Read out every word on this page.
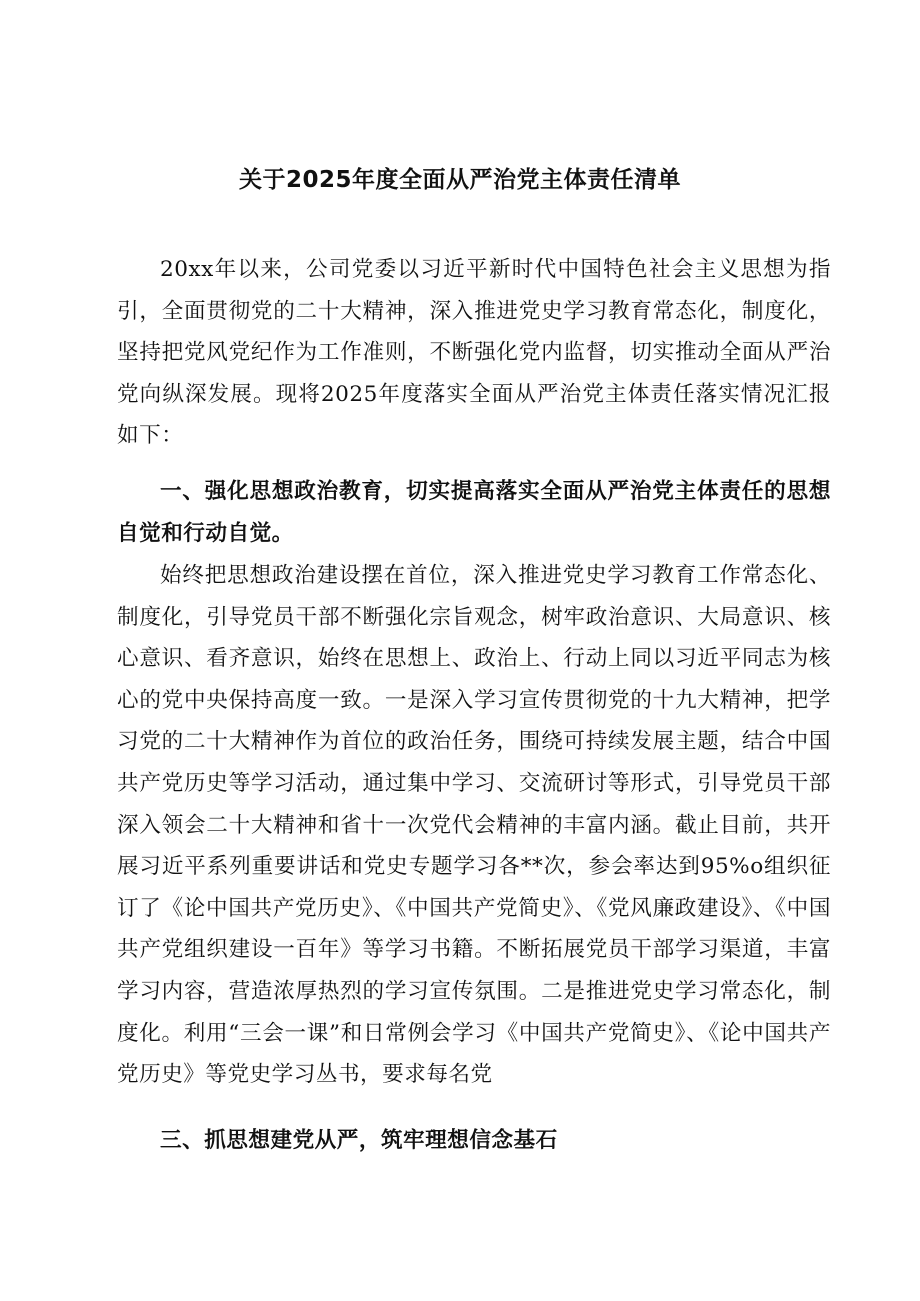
关于2025年度全面从严治党主体责任清单

20xx年以来，公司党委以习近平新时代中国特色社会主义思想为指引，全面贯彻党的二十大精神，深入推进党史学习教育常态化，制度化，坚持把党风党纪作为工作准则，不断强化党内监督，切实推动全面从严治党向纵深发展。现将2025年度落实全面从严治党主体责任落实情况汇报如下：

一、强化思想政治教育，切实提高落实全面从严治党主体责任的思想自觉和行动自觉。

始终把思想政治建设摆在首位，深入推进党史学习教育工作常态化、制度化，引导党员干部不断强化宗旨观念，树牢政治意识、大局意识、核心意识、看齐意识，始终在思想上、政治上、行动上同以习近平同志为核心的党中央保持高度一致。一是深入学习宣传贯彻党的十九大精神，把学习党的二十大精神作为首位的政治任务，围绕可持续发展主题，结合中国共产党历史等学习活动，通过集中学习、交流研讨等形式，引导党员干部深入领会二十大精神和省十一次党代会精神的丰富内涵。截止目前，共开展习近平系列重要讲话和党史专题学习各**次，参会率达到95%o组织征订了《论中国共产党历史》、《中国共产党简史》、《党风廉政建设》、《中国共产党组织建设一百年》等学习书籍。不断拓展党员干部学习渠道，丰富学习内容，营造浓厚热烈的学习宣传氛围。二是推进党史学习常态化，制度化。利用“三会一课”和日常例会学习《中国共产党简史》、《论中国共产党历史》等党史学习丛书，要求每名党

三、抓思想建党从严，筑牢理想信念基石
